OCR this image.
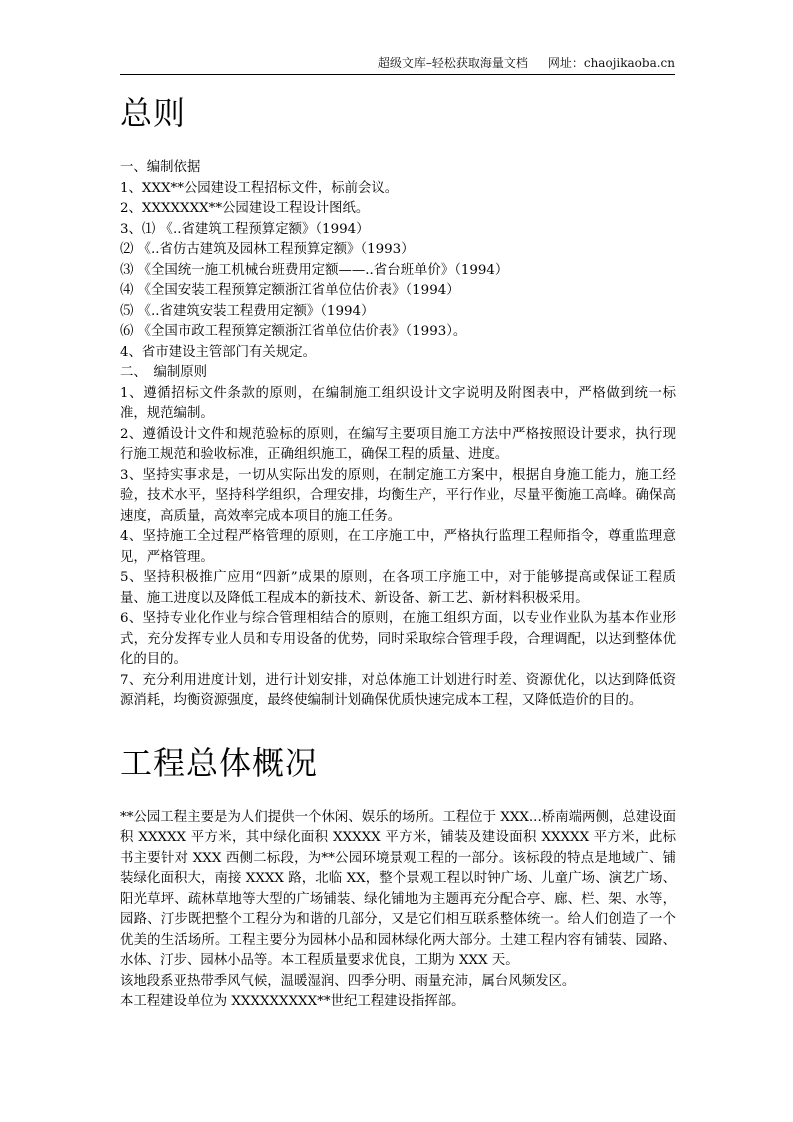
超级文库–轻松获取海量文档 网址：chaojikaoba.cn
总则

一、编制依据

1、XXX**公园建设工程招标文件，标前会议。

2、XXXXXXX**公园建设工程设计图纸。

3、⑴ 《..省建筑工程预算定额》（1994）

⑵ 《..省仿古建筑及园林工程预算定额》（1993）

⑶ 《全国统一施工机械台班费用定额——..省台班单价》（1994）

⑷ 《全国安装工程预算定额浙江省单位估价表》（1994）

⑸ 《..省建筑安装工程费用定额》（1994）

⑹ 《全国市政工程预算定额浙江省单位估价表》（1993）。

4、省市建设主管部门有关规定。

二、　编制原则

1、遵循招标文件条款的原则，在编制施工组织设计文字说明及附图表中，严格做到统一标准，规范编制。

2、遵循设计文件和规范验标的原则，在编写主要项目施工方法中严格按照设计要求，执行现行施工规范和验收标准，正确组织施工，确保工程的质量、进度。

3、坚持实事求是，一切从实际出发的原则，在制定施工方案中，根据自身施工能力，施工经验，技术水平，坚持科学组织，合理安排，均衡生产，平行作业，尽量平衡施工高峰。确保高速度，高质量，高效率完成本项目的施工任务。

4、坚持施工全过程严格管理的原则，在工序施工中，严格执行监理工程师指令，尊重监理意见，严格管理。

5、坚持积极推广应用“四新”成果的原则，在各项工序施工中，对于能够提高或保证工程质量、施工进度以及降低工程成本的新技术、新设备、新工艺、新材料积极采用。

6、坚持专业化作业与综合管理相结合的原则，在施工组织方面，以专业作业队为基本作业形式，充分发挥专业人员和专用设备的优势，同时采取综合管理手段，合理调配，以达到整体优化的目的。

7、充分利用进度计划，进行计划安排，对总体施工计划进行时差、资源优化，以达到降低资源消耗，均衡资源强度，最终使编制计划确保优质快速完成本工程，又降低造价的目的。

工程总体概况

**公园工程主要是为人们提供一个休闲、娱乐的场所。工程位于 XXX...桥南端两侧，总建设面积 XXXXX 平方米，其中绿化面积 XXXXX 平方米，铺装及建设面积 XXXXX 平方米，此标书主要针对 XXX 西侧二标段，为**公园环境景观工程的一部分。该标段的特点是地域广、铺装绿化面积大，南接 XXXX 路，北临 XX，整个景观工程以时钟广场、儿童广场、演艺广场、阳光草坪、疏林草地等大型的广场铺装、绿化铺地为主题再充分配合亭、廊、栏、架、水等，园路、汀步既把整个工程分为和谐的几部分，又是它们相互联系整体统一。给人们创造了一个优美的生活场所。工程主要分为园林小品和园林绿化两大部分。土建工程内容有铺装、园路、水体、汀步、园林小品等。本工程质量要求优良，工期为 XXX 天。

该地段系亚热带季风气候，温暖湿润、四季分明、雨量充沛，属台风频发区。

本工程建设单位为 XXXXXXXXX**世纪工程建设指挥部。
